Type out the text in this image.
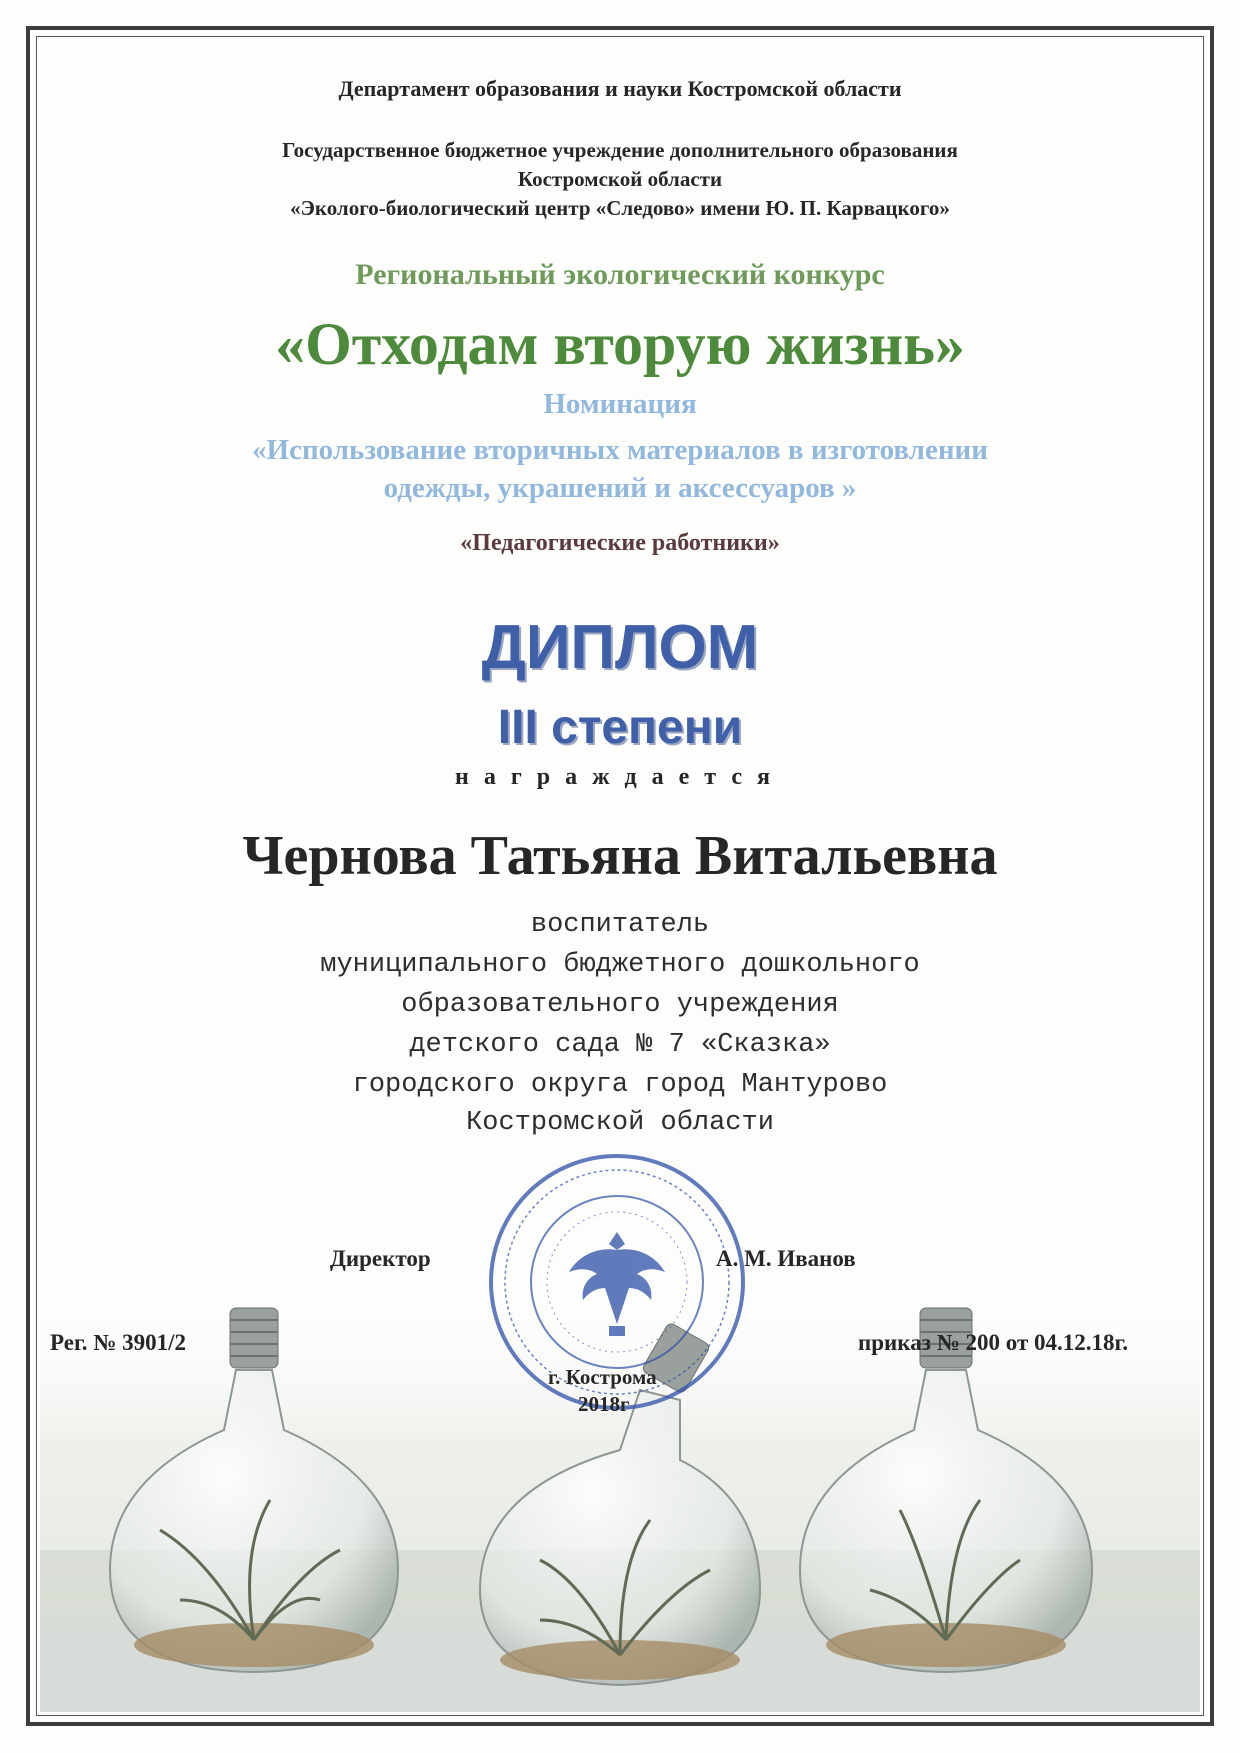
Департамент образования и науки Костромской области
Государственное бюджетное учреждение дополнительного образования
Костромской области
«Эколого-биологический центр «Следово» имени Ю. П. Карвацкого»
Региональный экологический конкурс
«Отходам вторую жизнь»
Номинация
«Использование вторичных материалов в изготовлении
одежды, украшений и аксессуаров »
«Педагогические работники»
ДИПЛОМ
III степени
награждается
Чернова Татьяна Витальевна
воспитатель
муниципального бюджетного дошкольного
образовательного учреждения
детского сада № 7 «Сказка»
городского округа город Мантурово
Костромской области
Директор	А. М. Иванов
Рег. № 3901/2	приказ № 200 от 04.12.18г.
г. Кострома
2018г
